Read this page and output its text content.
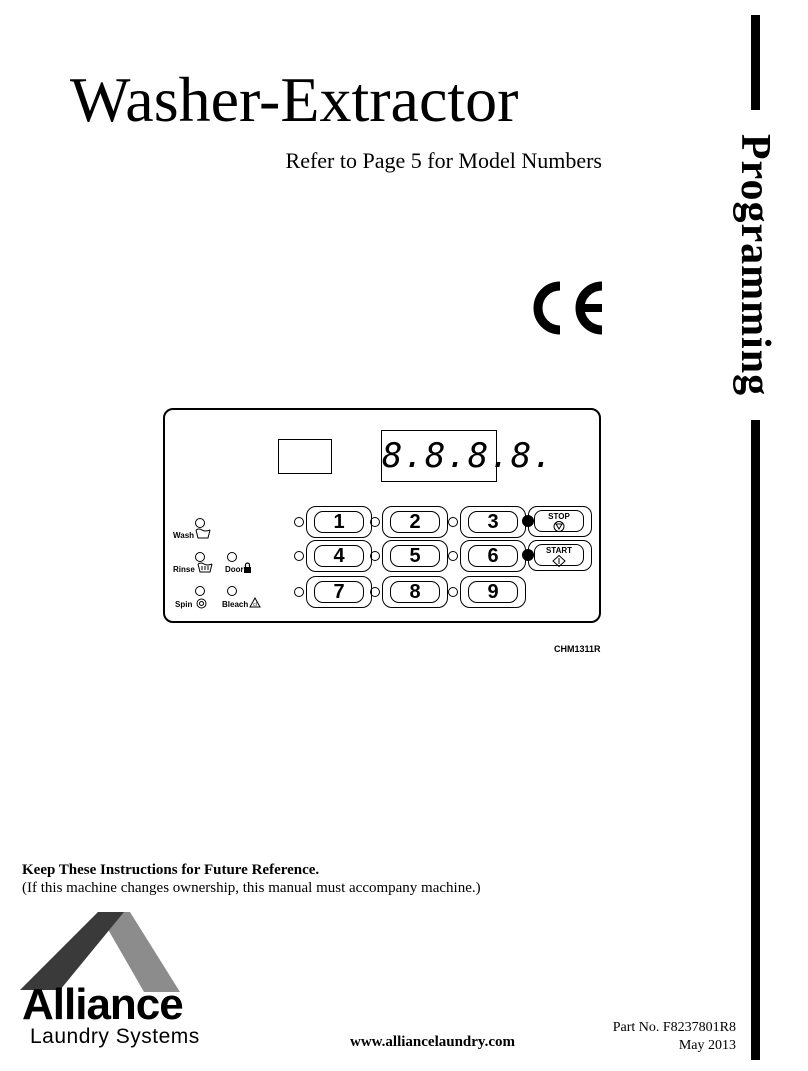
Washer-Extractor
Refer to Page 5 for Model Numbers	Programming
8.8.8.8.
Wash
Rinse
Spin
Door
Bleach cl
1	2	3
4	5	6
7	8	9
STOP
START
CHM1311R
Keep These Instructions for Future Reference.
(If this machine changes ownership, this manual must accompany machine.)
Alliance
Laundry Systems	www.alliancelaundry.com
Part No. F8237801R8
May 2013
